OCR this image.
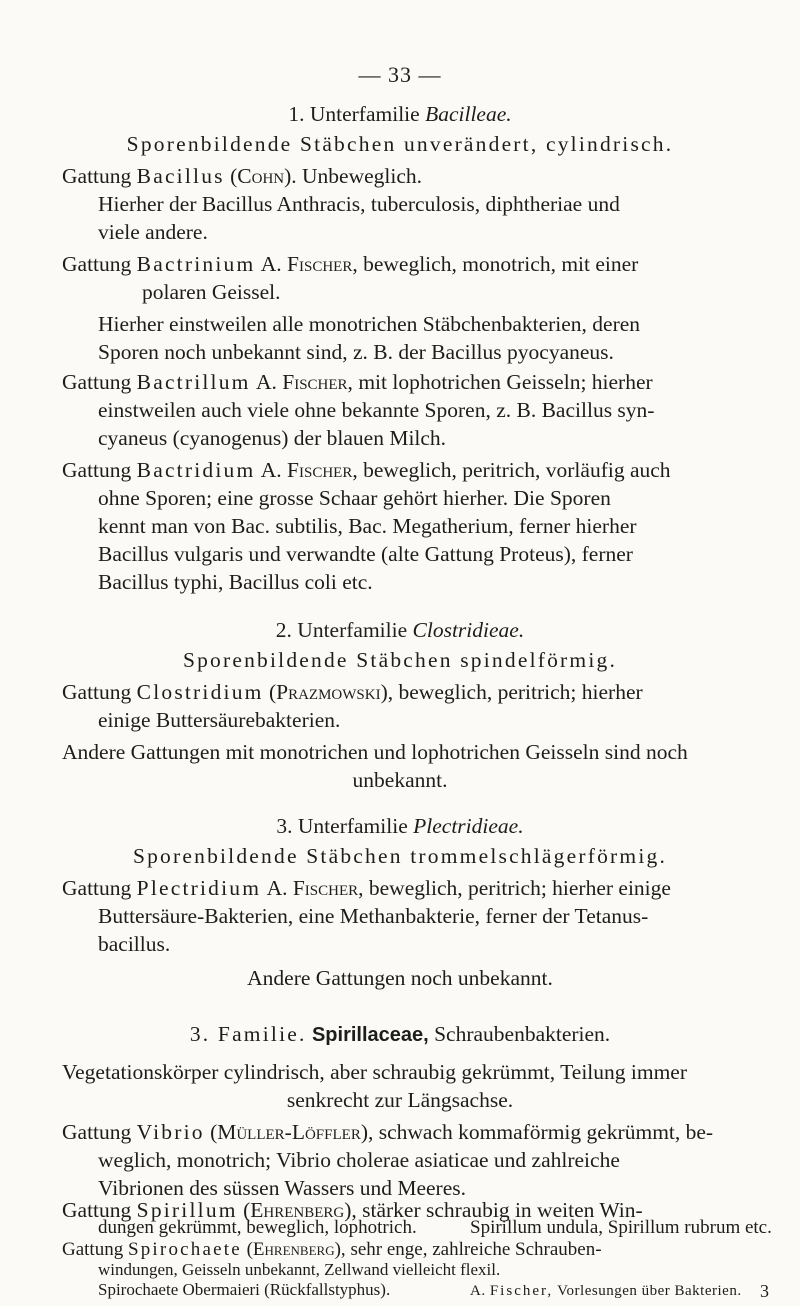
— 33 —
1. Unterfamilie Bacilleae.
Sporenbildende Stäbchen unverändert, cylindrisch.
Gattung Bacillus (Cohn). Unbeweglich.
Hierher der Bacillus Anthracis, tuberculosis, diphtheriae und
viele andere.
Gattung Bactrinium A. Fischer, beweglich, monotrich, mit einer
polaren Geissel.
Hierher einstweilen alle monotrichen Stäbchenbakterien, deren
Sporen noch unbekannt sind, z. B. der Bacillus pyocyaneus.
Gattung Bactrillum A. Fischer, mit lophotrichen Geisseln; hierher
einstweilen auch viele ohne bekannte Sporen, z. B. Bacillus syn-
cyaneus (cyanogenus) der blauen Milch.
Gattung Bactridium A. Fischer, beweglich, peritrich, vorläufig auch
ohne Sporen; eine grosse Schaar gehört hierher. Die Sporen
kennt man von Bac. subtilis, Bac. Megatherium, ferner hierher
Bacillus vulgaris und verwandte (alte Gattung Proteus), ferner
Bacillus typhi, Bacillus coli etc.
2. Unterfamilie Clostridieae.
Sporenbildende Stäbchen spindelförmig.
Gattung Clostridium (Prazmowski), beweglich, peritrich; hierher
einige Buttersäurebakterien.
Andere Gattungen mit monotrichen und lophotrichen Geisseln sind noch
unbekannt.
3. Unterfamilie Plectridieae.
Sporenbildende Stäbchen trommelschlägerförmig.
Gattung Plectridium A. Fischer, beweglich, peritrich; hierher einige
Buttersäure-Bakterien, eine Methanbakterie, ferner der Tetanus-
bacillus.
Andere Gattungen noch unbekannt.
3. Familie. Spirillaceae, Schraubenbakterien.
Vegetationskörper cylindrisch, aber schraubig gekrümmt, Teilung immer
senkrecht zur Längsachse.
Gattung Vibrio (Müller-Löffler), schwach kommaförmig gekrümmt, be-
weglich, monotrich; Vibrio cholerae asiaticae und zahlreiche
Vibrionen des süssen Wassers und Meeres.
Gattung Spirillum (Ehrenberg), stärker schraubig in weiten Win-
dungen gekrümmt, beweglich, lophotrich.	Spirillum undula, Spirillum rubrum etc.
Gattung Spirochaete (Ehrenberg), sehr enge, zahlreiche Schrauben-
windungen, Geisseln unbekannt, Zellwand vielleicht flexil.
Spirochaete Obermaieri (Rückfallstyphus).	A. Fischer, Vorlesungen über Bakterien. 3
